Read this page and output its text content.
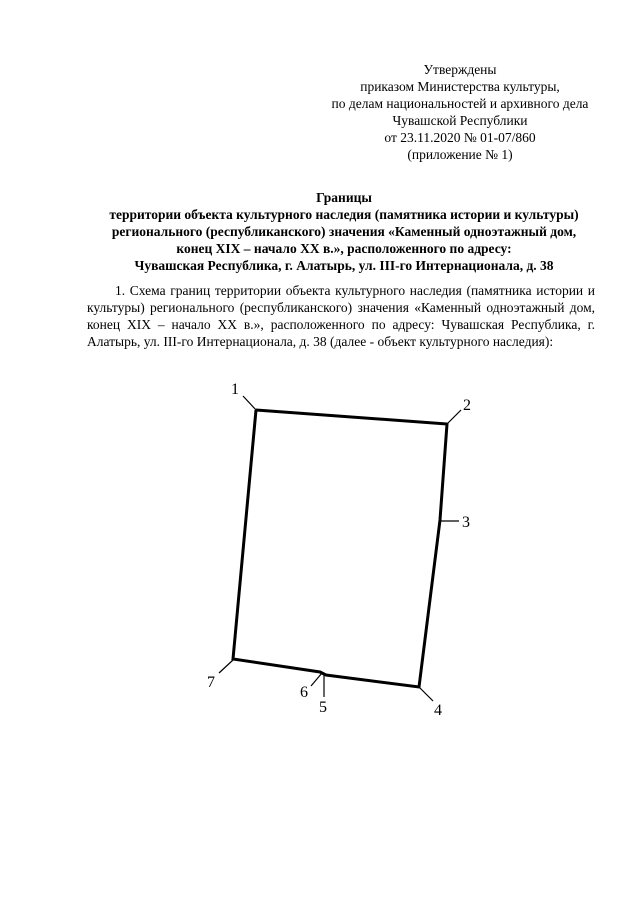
Утверждены
приказом Министерства культуры,
по делам национальностей и архивного дела
Чувашской Республики
от 23.11.2020 № 01-07/860
(приложение № 1)
Границы
территории объекта культурного наследия (памятника истории и культуры)
регионального (республиканского) значения «Каменный одноэтажный дом,
конец XIX – начало XX в.», расположенного по адресу:
Чувашская Республика, г. Алатырь, ул. III-го Интернационала, д. 38

1. Схема границ территории объекта культурного наследия (памятника истории и культуры) регионального (республиканского) значения «Каменный одноэтажный дом, конец XIX – начало XX в.», расположенного по адресу: Чувашская Республика, г. Алатырь, ул. III-го Интернационала, д. 38 (далее - объект культурного наследия):

1
2
3
4
5
6
7
